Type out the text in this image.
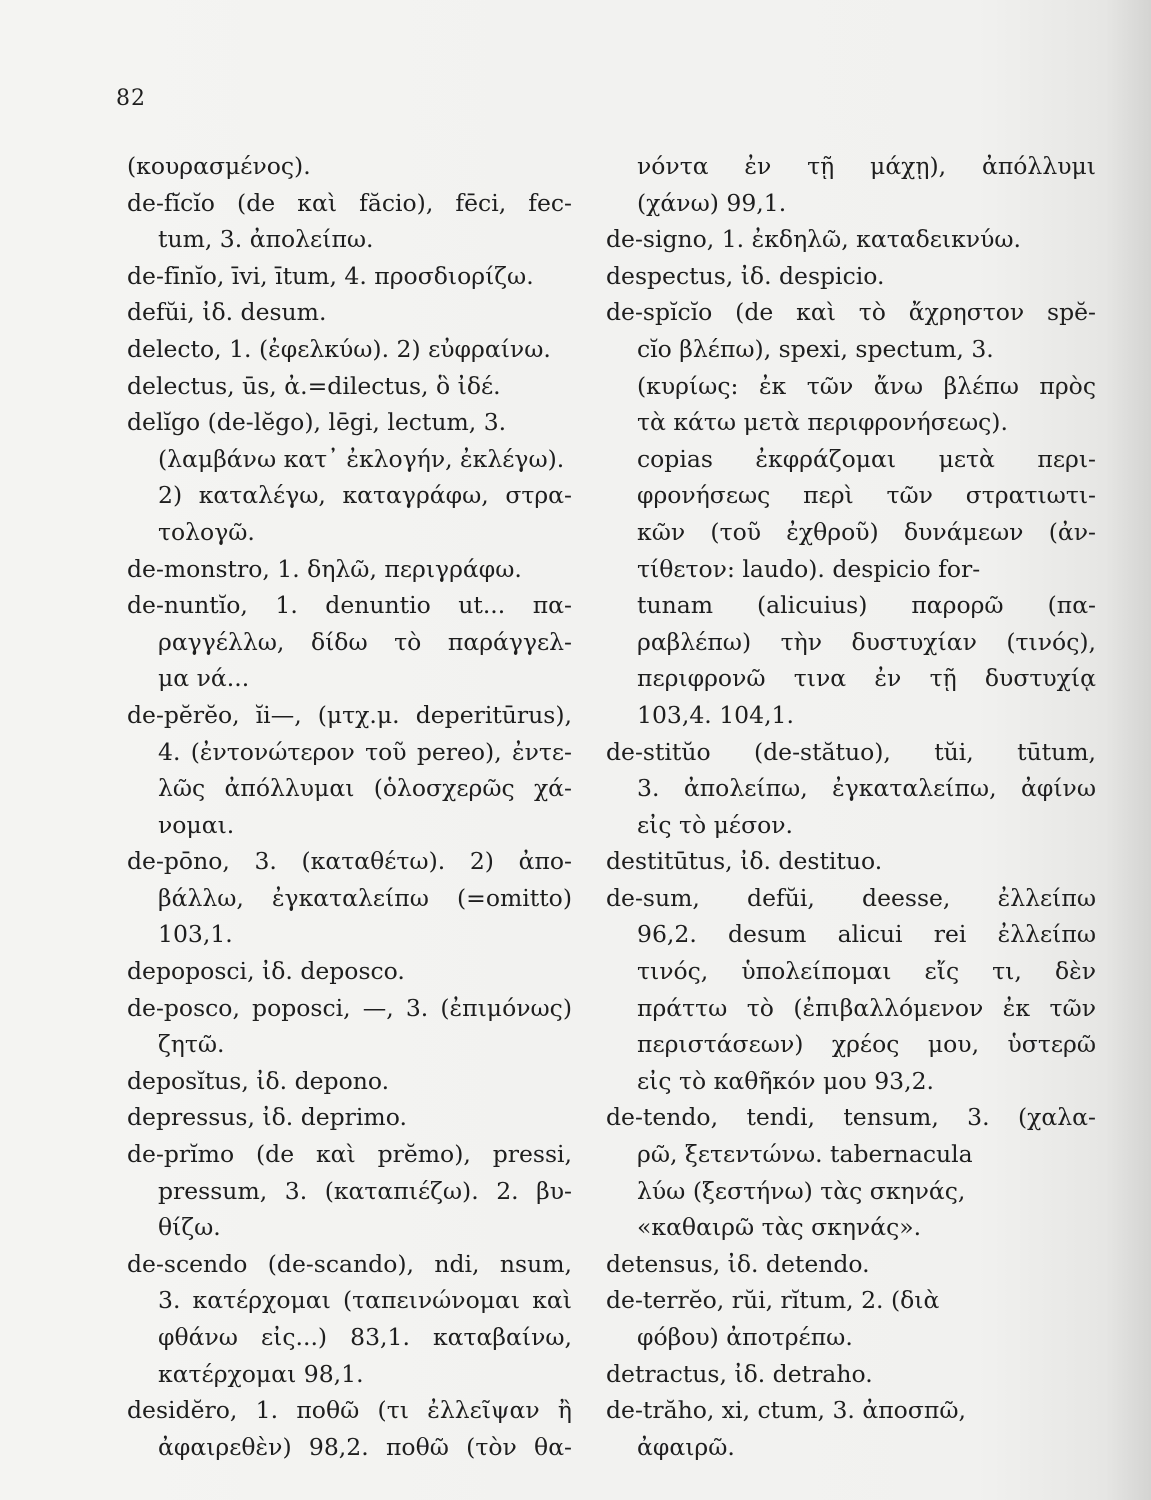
82
(κουρασμένος).
de-fĭcĭo (de καὶ făcio), fēci, fec-
tum, 3. ἀπολείπω.
de-fīnĭo, īvi, ītum, 4. προσδιορίζω.
defŭi, ἰδ. desum.
delecto, 1. (ἐφελκύω). 2) εὐφραίνω.
delectus, ūs, ἀ.=dilectus, ὃ ἰδέ.
delĭgo (de-lĕgo), lēgi, lectum, 3.
(λαμβάνω κατ᾽ ἐκλογήν, ἐκλέγω).
2) καταλέγω, καταγράφω, στρα-
τολογῶ.
de-monstro, 1. δηλῶ, περιγράφω.
de-nuntĭo, 1. denuntio ut... πα-
ραγγέλλω, δίδω τὸ παράγγελ-
μα νά...
de-pĕrĕo, ĭi—, (μτχ.μ. deperitūrus),
4. (ἐντονώτερον τοῦ pereo), ἐντε-
λῶς ἀπόλλυμαι (ὁλοσχερῶς χά-
νομαι.
de-pōno, 3. (καταθέτω). 2) ἀπο-
βάλλω, ἐγκαταλείπω (=omitto)
103,1.
depoposci, ἰδ. deposco.
de-posco, poposci, —, 3. (ἐπιμόνως)
ζητῶ.
deposĭtus, ἰδ. depono.
depressus, ἰδ. deprimo.
de-prĭmo (de καὶ prĕmo), pressi,
pressum, 3. (καταπιέζω). 2. βυ-
θίζω.
de-scendo (de-scando), ndi, nsum,
3. κατέρχομαι (ταπεινώνομαι καὶ
φθάνω εἰς...) 83,1. καταβαίνω,
κατέρχομαι 98,1.
desidĕro, 1. ποθῶ (τι ἐλλεῖψαν ἢ
ἀφαιρεθὲν) 98,2. ποθῶ (τὸν θα-
νόντα ἐν τῇ μάχῃ), ἀπόλλυμι
(χάνω) 99,1.
de-signo, 1. ἐκδηλῶ, καταδεικνύω.
despectus, ἰδ. despicio.
de-spĭcĭo (de καὶ τὸ ἄχρηστον spĕ-
cĭo βλέπω), spexi, spectum, 3.
(κυρίως: ἐκ τῶν ἄνω βλέπω πρὸς
τὰ κάτω μετὰ περιφρονήσεως).
copias ἐκφράζομαι μετὰ περι-
φρονήσεως περὶ τῶν στρατιωτι-
κῶν (τοῦ ἐχθροῦ) δυνάμεων (ἀν-
τίθετον: laudo). despicio for-
tunam (alicuius) παρορῶ (πα-
ραβλέπω) τὴν δυστυχίαν (τινός),
περιφρονῶ τινα ἐν τῇ δυστυχίᾳ
103,4. 104,1.
de-stitŭo (de-stătuo), tŭi, tūtum,
3. ἀπολείπω, ἐγκαταλείπω, ἀφίνω
εἰς τὸ μέσον.
destitūtus, ἰδ. destituo.
de-sum, defŭi, deesse, ἐλλείπω
96,2. desum alicui rei ἐλλείπω
τινός, ὑπολείπομαι εἴς τι, δὲν
πράττω τὸ (ἐπιβαλλόμενον ἐκ τῶν
περιστάσεων) χρέος μου, ὑστερῶ
εἰς τὸ καθῆκόν μου 93,2.
de-tendo, tendi, tensum, 3. (χαλα-
ρῶ, ξετεντώνω. tabernacula
λύω (ξεστήνω) τὰς σκηνάς,
«καθαιρῶ τὰς σκηνάς».
detensus, ἰδ. detendo.
de-terrĕo, rŭi, rĭtum, 2. (διὰ
φόβου) ἀποτρέπω.
detractus, ἰδ. detraho.
de-trăho, xi, ctum, 3. ἀποσπῶ,
ἀφαιρῶ.
